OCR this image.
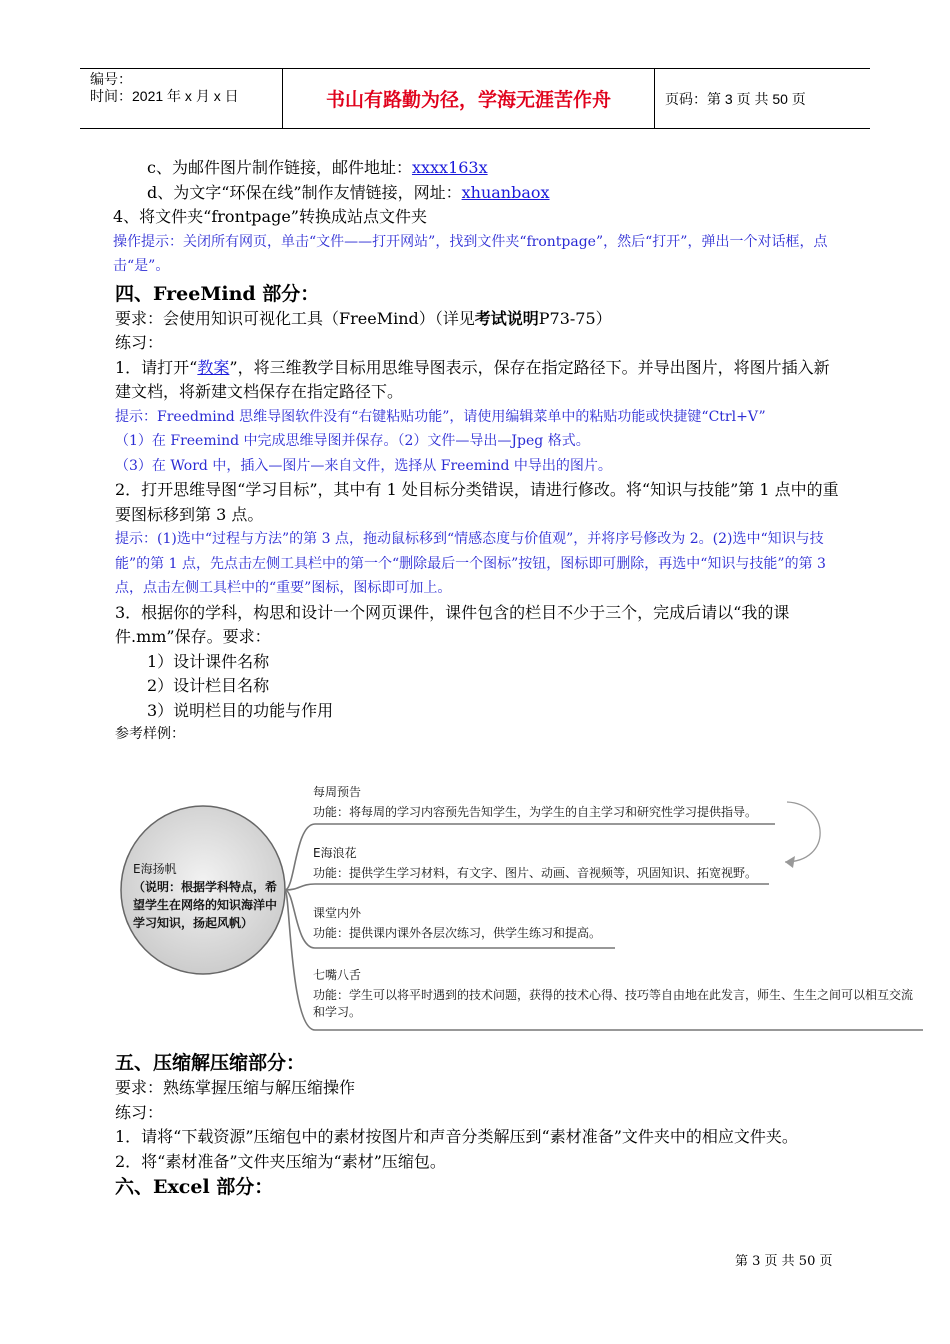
编号：
时间：2021 年 x 月 x 日	书山有路勤为径，学海无涯苦作舟	页码：第 3 页 共 50 页
c、为邮件图片制作链接，邮件地址：xxxx163x
d、为文字“环保在线”制作友情链接，网址：xhuanbaox
4、将文件夹“frontpage”转换成站点文件夹
操作提示：关闭所有网页，单击“文件——打开网站”，找到文件夹“frontpage”，然后“打开”，弹出一个对话框，点击“是”。
四、FreeMind 部分：
要求：会使用知识可视化工具（FreeMind）（详见考试说明P73-75）
练习：
1．请打开“教案”，将三维教学目标用思维导图表示，保存在指定路径下。并导出图片，将图片插入新建文档，将新建文档保存在指定路径下。
提示：Freedmind 思维导图软件没有“右键粘贴功能”，请使用编辑菜单中的粘贴功能或快捷键“Ctrl+V”
（1）在 Freemind 中完成思维导图并保存。（2）文件—导出—Jpeg 格式。
（3）在 Word 中，插入—图片—来自文件，选择从 Freemind 中导出的图片。
2．打开思维导图“学习目标”，其中有 1 处目标分类错误，请进行修改。将“知识与技能”第 1 点中的重要图标移到第 3 点。
提示：(1)选中“过程与方法”的第 3 点，拖动鼠标移到“情感态度与价值观”，并将序号修改为 2。(2)选中“知识与技能”的第 1 点，先点击左侧工具栏中的第一个“删除最后一个图标”按钮，图标即可删除，再选中“知识与技能”的第 3 点，点击左侧工具栏中的“重要”图标，图标即可加上。
3．根据你的学科，构思和设计一个网页课件，课件包含的栏目不少于三个，完成后请以“我的课件.mm”保存。要求：
1）设计课件名称
2）设计栏目名称
3）说明栏目的功能与作用
参考样例：
E海扬帆
（说明：根据学科特点，希望学生在网络的知识海洋中学习知识，扬起风帆）
每周预告
功能：将每周的学习内容预先告知学生，为学生的自主学习和研究性学习提供指导。
E海浪花
功能：提供学生学习材料，有文字、图片、动画、音视频等，巩固知识、拓宽视野。
课堂内外
功能：提供课内课外各层次练习，供学生练习和提高。
七嘴八舌
功能：学生可以将平时遇到的技术问题，获得的技术心得、技巧等自由地在此发言，师生、生生之间可以相互交流和学习。
五、压缩解压缩部分：
要求：熟练掌握压缩与解压缩操作
练习：
1．请将“下载资源”压缩包中的素材按图片和声音分类解压到“素材准备”文件夹中的相应文件夹。
2．将“素材准备”文件夹压缩为“素材”压缩包。
六、Excel 部分：
第 3 页 共 50 页
